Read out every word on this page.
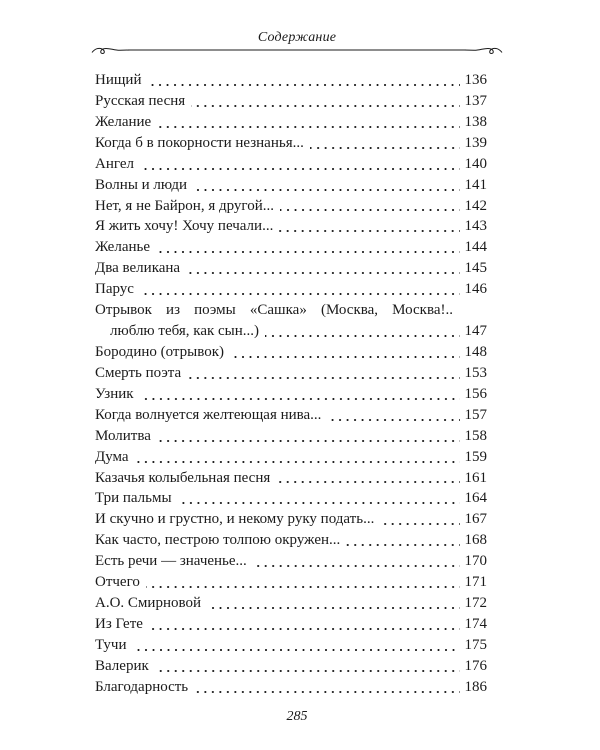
Содержание
Нищий	136
Русская песня	137
Желание	138
Когда б в покорности незнанья...	139
Ангел	140
Волны и люди	141
Нет, я не Байрон, я другой...	142
Я жить хочу! Хочу печали...	143
Желанье	144
Два великана	145
Парус	146
Отрывок из поэмы «Сашка» (Москва, Москва!..
люблю тебя, как сын...)	147
Бородино (отрывок)	148
Смерть поэта	153
Узник	156
Когда волнуется желтеющая нива...	157
Молитва	158
Дума	159
Казачья колыбельная песня	161
Три пальмы	164
И скучно и грустно, и некому руку подать...	167
Как часто, пестрою толпою окружен...	168
Есть речи — значенье...	170
Отчего	171
А.О. Смирновой	172
Из Гете	174
Тучи	175
Валерик	176
Благодарность	186
285
